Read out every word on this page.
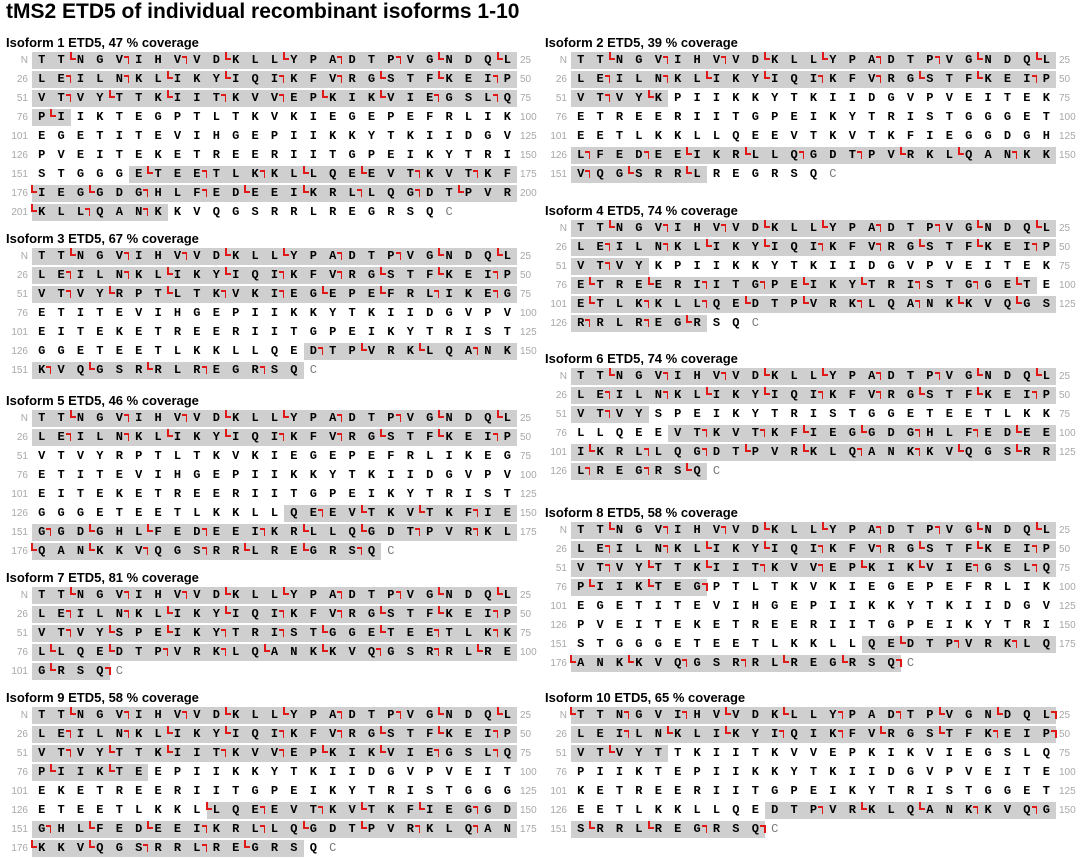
tMS2 ETD5 of individual recombinant isoforms 1-10
Isoform 1 ETD5, 47 % coverage
N T	T	N	G	V	I	H	V	V	D	K	L	L	Y	P	A	D	T	P	V	G	N	D	Q	L 25
26 L	E	I	L	N	K	L	I	K	Y	I	Q	I	K	F	V	R	G	S	T	F	K	E	I	P 50
51 V	T	V	Y	T	T	K	I	I	T	K	V	V	E	P	K	I	K	V	I	E	G	S	L	Q 75
76 P	I	I	K	T	E	G	P	T	L	T	K	V	K	I	E	G	E	P	E	F	R	L	I	K 100
101 E	G	E	T	I	T	E	V	I	H	G	E	P	I	I	K	K	Y	T	K	I	I	D	G	V 125
126 P	V	E	I	T	E	K	E	T	R	E	E	R	I	I	T	G	P	E	I	K	Y	T	R	I 150
151 S	T	G	G	G	E	T	E	E	T	L	K	K	L	L	Q	E	E	V	T	K	V	T	K	F 175
176 I	E	G	G	D	G	H	L	F	E	D	E	E	I	K	R	L	L	Q	G	D	T	P	V	R 200
201 K	L	L	Q	A	N	K	K	V	Q	G	S	R	R	L	R	E	G	R	S	Q	C
Isoform 2 ETD5, 39 % coverage
N T	T	N	G	V	I	H	V	V	D	K	L	L	Y	P	A	D	T	P	V	G	N	D	Q	L 25
26 L	E	I	L	N	K	L	I	K	Y	I	Q	I	K	F	V	R	G	S	T	F	K	E	I	P 50
51 V	T	V	Y	K	P	I	I	K	K	Y	T	K	I	I	D	G	V	P	V	E	I	T	E	K 75
76 E	T	R	E	E	R	I	I	T	G	P	E	I	K	Y	T	R	I	S	T	G	G	G	E	T 100
101 E	E	T	L	K	K	L	L	Q	E	E	V	T	K	V	T	K	F	I	E	G	G	D	G	H 125
126 L	F	E	D	E	E	I	K	R	L	L	Q	G	D	T	P	V	R	K	L	Q	A	N	K	K 150
151 V	Q	G	S	R	R	L	R	E	G	R	S	Q	C
Isoform 3 ETD5, 67 % coverage
N T	T	N	G	V	I	H	V	V	D	K	L	L	Y	P	A	D	T	P	V	G	N	D	Q	L 25
26 L	E	I	L	N	K	L	I	K	Y	I	Q	I	K	F	V	R	G	S	T	F	K	E	I	P 50
51 V	T	V	Y	R	P	T	L	T	K	V	K	I	E	G	E	P	E	F	R	L	I	K	E	G 75
76 E	T	I	T	E	V	I	H	G	E	P	I	I	K	K	Y	T	K	I	I	D	G	V	P	V 100
101 E	I	T	E	K	E	T	R	E	E	R	I	I	T	G	P	E	I	K	Y	T	R	I	S	T 125
126 G	G	E	T	E	E	T	L	K	K	L	L	Q	E	D	T	P	V	R	K	L	Q	A	N	K 150
151 K	V	Q	G	S	R	R	L	R	E	G	R	S	Q	C
Isoform 4 ETD5, 74 % coverage
N T	T	N	G	V	I	H	V	V	D	K	L	L	Y	P	A	D	T	P	V	G	N	D	Q	L 25
26 L	E	I	L	N	K	L	I	K	Y	I	Q	I	K	F	V	R	G	S	T	F	K	E	I	P 50
51 V	T	V	Y	K	P	I	I	K	K	Y	T	K	I	I	D	G	V	P	V	E	I	T	E	K 75
76 E	T	R	E	E	R	I	I	T	G	P	E	I	K	Y	T	R	I	S	T	G	G	E	T	E 100
101 E	T	L	K	K	L	L	Q	E	D	T	P	V	R	K	L	Q	A	N	K	K	V	Q	G	S 125
126 R	R	L	R	E	G	R	S	Q	C
Isoform 5 ETD5, 46 % coverage
N T	T	N	G	V	I	H	V	V	D	K	L	L	Y	P	A	D	T	P	V	G	N	D	Q	L 25
26 L	E	I	L	N	K	L	I	K	Y	I	Q	I	K	F	V	R	G	S	T	F	K	E	I	P 50
51 V	T	V	Y	R	P	T	L	T	K	V	K	I	E	G	E	P	E	F	R	L	I	K	E	G 75
76 E	T	I	T	E	V	I	H	G	E	P	I	I	K	K	Y	T	K	I	I	D	G	V	P	V 100
101 E	I	T	E	K	E	T	R	E	E	R	I	I	T	G	P	E	I	K	Y	T	R	I	S	T 125
126 G	G	G	E	T	E	E	T	L	K	K	L	L	Q	E	E	V	T	K	V	T	K	F	I	E 150
151 G	G	D	G	H	L	F	E	D	E	E	I	K	R	L	L	Q	G	D	T	P	V	R	K	L 175
176 Q	A	N	K	K	V	Q	G	S	R	R	L	R	E	G	R	S	Q	C
Isoform 6 ETD5, 74 % coverage
N T	T	N	G	V	I	H	V	V	D	K	L	L	Y	P	A	D	T	P	V	G	N	D	Q	L 25
26 L	E	I	L	N	K	L	I	K	Y	I	Q	I	K	F	V	R	G	S	T	F	K	E	I	P 50
51 V	T	V	Y	S	P	E	I	K	Y	T	R	I	S	T	G	G	E	T	E	E	T	L	K	K 75
76 L	L	Q	E	E	V	T	K	V	T	K	F	I	E	G	G	D	G	H	L	F	E	D	E	E 100
101 I	K	R	L	L	Q	G	D	T	P	V	R	K	L	Q	A	N	K	K	V	Q	G	S	R	R 125
126 L	R	E	G	R	S	Q	C
Isoform 7 ETD5, 81 % coverage
N T	T	N	G	V	I	H	V	V	D	K	L	L	Y	P	A	D	T	P	V	G	N	D	Q	L 25
26 L	E	I	L	N	K	L	I	K	Y	I	Q	I	K	F	V	R	G	S	T	F	K	E	I	P 50
51 V	T	V	Y	S	P	E	I	K	Y	T	R	I	S	T	G	G	E	T	E	E	T	L	K	K 75
76 L	L	Q	E	D	T	P	V	R	K	L	Q	A	N	K	K	V	Q	G	S	R	R	L	R	E 100
101 G	R	S	Q	C
Isoform 8 ETD5, 58 % coverage
N T	T	N	G	V	I	H	V	V	D	K	L	L	Y	P	A	D	T	P	V	G	N	D	Q	L 25
26 L	E	I	L	N	K	L	I	K	Y	I	Q	I	K	F	V	R	G	S	T	F	K	E	I	P 50
51 V	T	V	Y	T	T	K	I	I	T	K	V	V	E	P	K	I	K	V	I	E	G	S	L	Q 75
76 P	I	I	K	T	E	G	P	T	L	T	K	V	K	I	E	G	E	P	E	F	R	L	I	K 100
101 E	G	E	T	I	T	E	V	I	H	G	E	P	I	I	K	K	Y	T	K	I	I	D	G	V 125
126 P	V	E	I	T	E	K	E	T	R	E	E	R	I	I	T	G	P	E	I	K	Y	T	R	I 150
151 S	T	G	G	G	E	T	E	E	T	L	K	K	L	L	Q	E	D	T	P	V	R	K	L	Q 175
176 A	N	K	K	V	Q	G	S	R	R	L	R	E	G	R	S	Q	C
Isoform 9 ETD5, 58 % coverage
N T	T	N	G	V	I	H	V	V	D	K	L	L	Y	P	A	D	T	P	V	G	N	D	Q	L 25
26 L	E	I	L	N	K	L	I	K	Y	I	Q	I	K	F	V	R	G	S	T	F	K	E	I	P 50
51 V	T	V	Y	T	T	K	I	I	T	K	V	V	E	P	K	I	K	V	I	E	G	S	L	Q 75
76 P	I	I	K	T	E	E	P	I	I	K	K	Y	T	K	I	I	D	G	V	P	V	E	I	T 100
101 E	K	E	T	R	E	E	R	I	I	T	G	P	E	I	K	Y	T	R	I	S	T	G	G	G 125
126 E	T	E	E	T	L	K	K	L	L	Q	E	E	V	T	K	V	T	K	F	I	E	G	G	D 150
151 G	H	L	F	E	D	E	E	I	K	R	L	L	Q	G	D	T	P	V	R	K	L	Q	A	N 175
176 K	K	V	Q	G	S	R	R	L	R	E	G	R	S	Q	C
Isoform 10 ETD5, 65 % coverage
N T	T	N	G	V	I	H	V	V	D	K	L	L	Y	P	A	D	T	P	V	G	N	D	Q	L 25
26 L	E	I	L	N	K	L	I	K	Y	I	Q	I	K	F	V	R	G	S	T	F	K	E	I	P 50
51 V	T	V	Y	T	T	K	I	I	T	K	V	V	E	P	K	I	K	V	I	E	G	S	L	Q 75
76 P	I	I	K	T	E	P	I	I	K	K	Y	T	K	I	I	D	G	V	P	V	E	I	T	E 100
101 K	E	T	R	E	E	R	I	I	T	G	P	E	I	K	Y	T	R	I	S	T	G	G	E	T 125
126 E	E	T	L	K	K	L	L	Q	E	D	T	P	V	R	K	L	Q	A	N	K	K	V	Q	G 150
151 S	R	R	L	R	E	G	R	S	Q	C
